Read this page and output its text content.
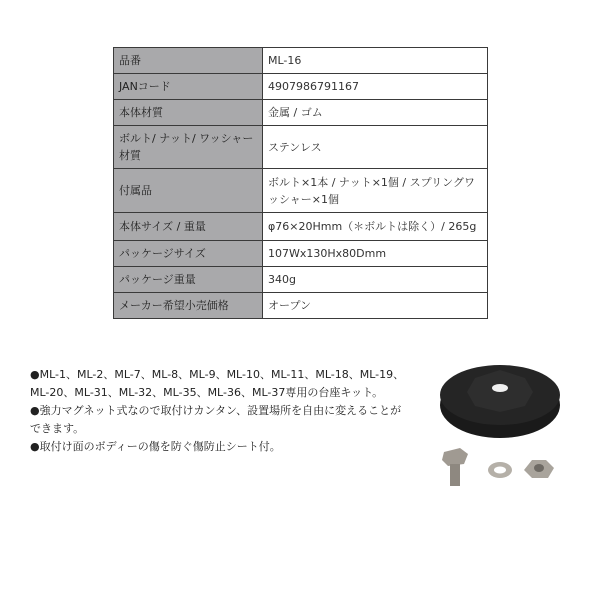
品番	ML-16
JANコード	4907986791167
本体材質	金属 / ゴム
ボルト/ ナット/ ワッシャー材質	ステンレス
付属品	ボルト×1本 / ナット×1個 / スプリングワッシャー×1個
本体サイズ / 重量	φ76×20Hmm（＊ボルトは除く）/ 265g
パッケージサイズ	107Wx130Hx80Dmm
パッケージ重量	340g
メーカー希望小売価格	オープン

●ML-1、ML-2、ML-7、ML-8、ML-9、ML-10、ML-11、ML-18、ML-19、ML-20、ML-31、ML-32、ML-35、ML-36、ML-37専用の台座キット。

●強力マグネット式なので取付けカンタン、設置場所を自由に変えることができます。

●取付け面のボディーの傷を防ぐ傷防止シート付。
